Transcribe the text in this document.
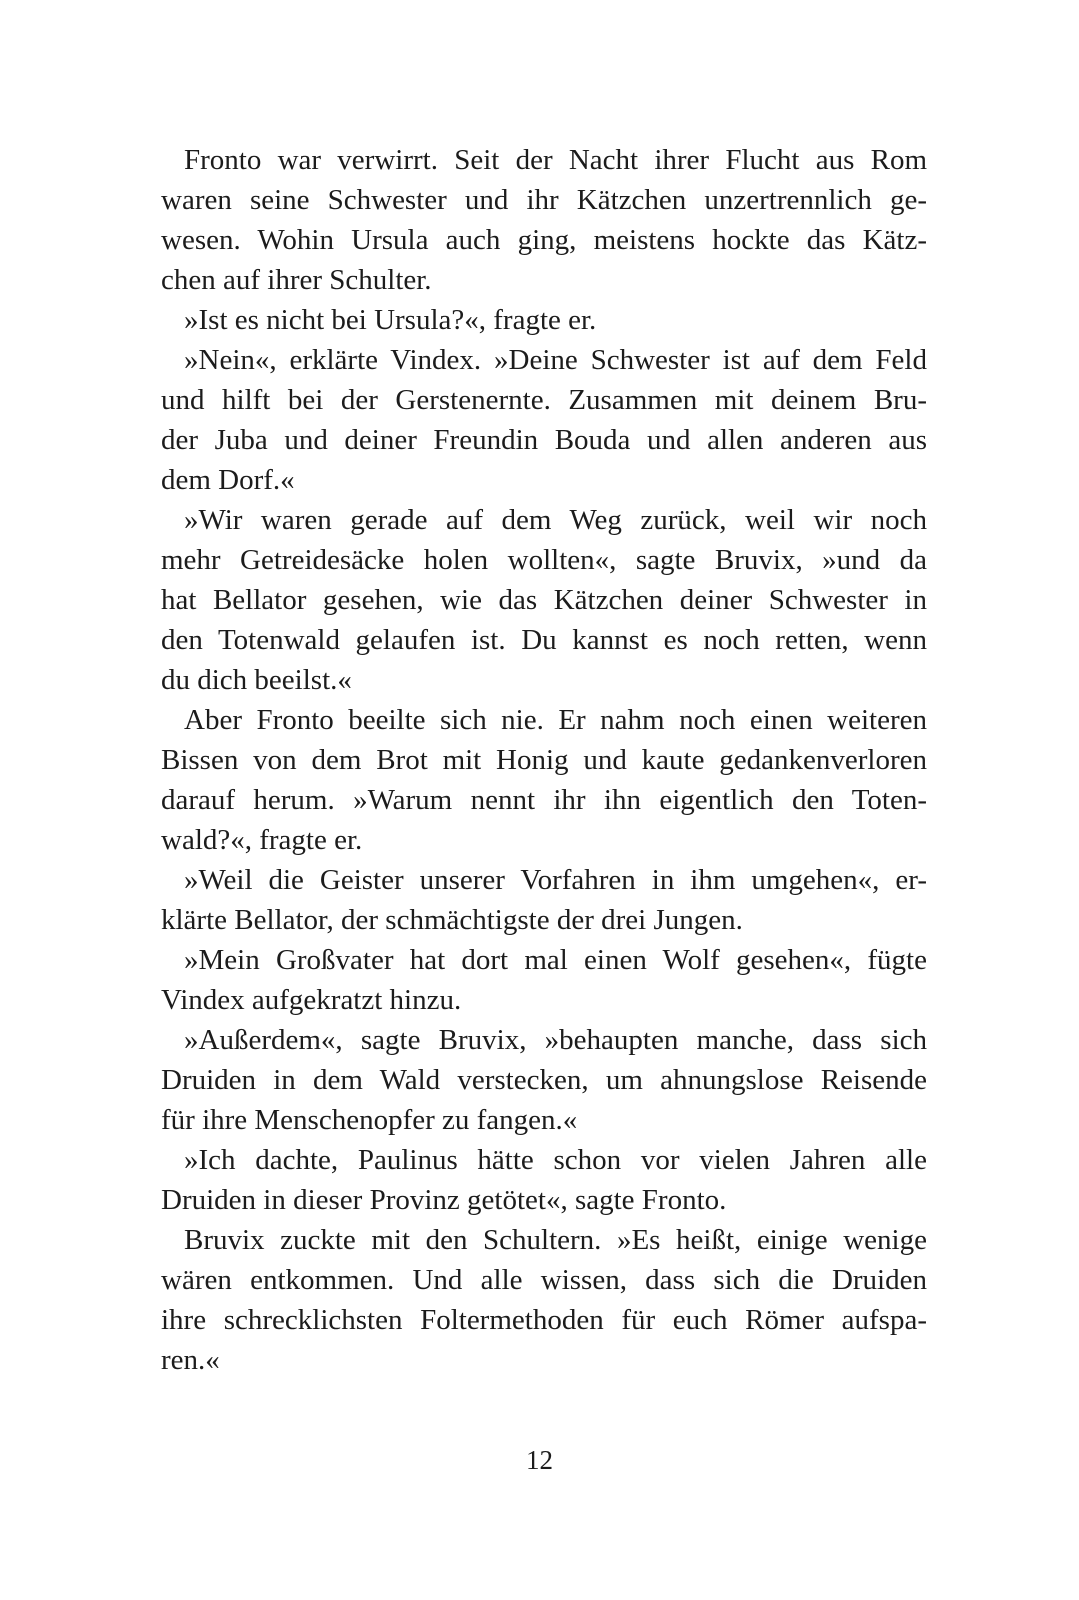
Fronto war verwirrt. Seit der Nacht ihrer Flucht aus Rom
waren seine Schwester und ihr Kätzchen unzertrennlich ge-
wesen. Wohin Ursula auch ging, meistens hockte das Kätz-
chen auf ihrer Schulter.
»Ist es nicht bei Ursula?«, fragte er.
»Nein«, erklärte Vindex. »Deine Schwester ist auf dem Feld
und hilft bei der Gerstenernte. Zusammen mit deinem Bru-
der Juba und deiner Freundin Bouda und allen anderen aus
dem Dorf.«
»Wir waren gerade auf dem Weg zurück, weil wir noch
mehr Getreidesäcke holen wollten«, sagte Bruvix, »und da
hat Bellator gesehen, wie das Kätzchen deiner Schwester in
den Totenwald gelaufen ist. Du kannst es noch retten, wenn
du dich beeilst.«
Aber Fronto beeilte sich nie. Er nahm noch einen weiteren
Bissen von dem Brot mit Honig und kaute gedankenverloren
darauf herum. »Warum nennt ihr ihn eigentlich den Toten-
wald?«, fragte er.
»Weil die Geister unserer Vorfahren in ihm umgehen«, er-
klärte Bellator, der schmächtigste der drei Jungen.
»Mein Großvater hat dort mal einen Wolf gesehen«, fügte
Vindex aufgekratzt hinzu.
»Außerdem«, sagte Bruvix, »behaupten manche, dass sich
Druiden in dem Wald verstecken, um ahnungslose Reisende
für ihre Menschenopfer zu fangen.«
»Ich dachte, Paulinus hätte schon vor vielen Jahren alle
Druiden in dieser Provinz getötet«, sagte Fronto.
Bruvix zuckte mit den Schultern. »Es heißt, einige wenige
wären entkommen. Und alle wissen, dass sich die Druiden
ihre schrecklichsten Foltermethoden für euch Römer aufspa-
ren.«
12
